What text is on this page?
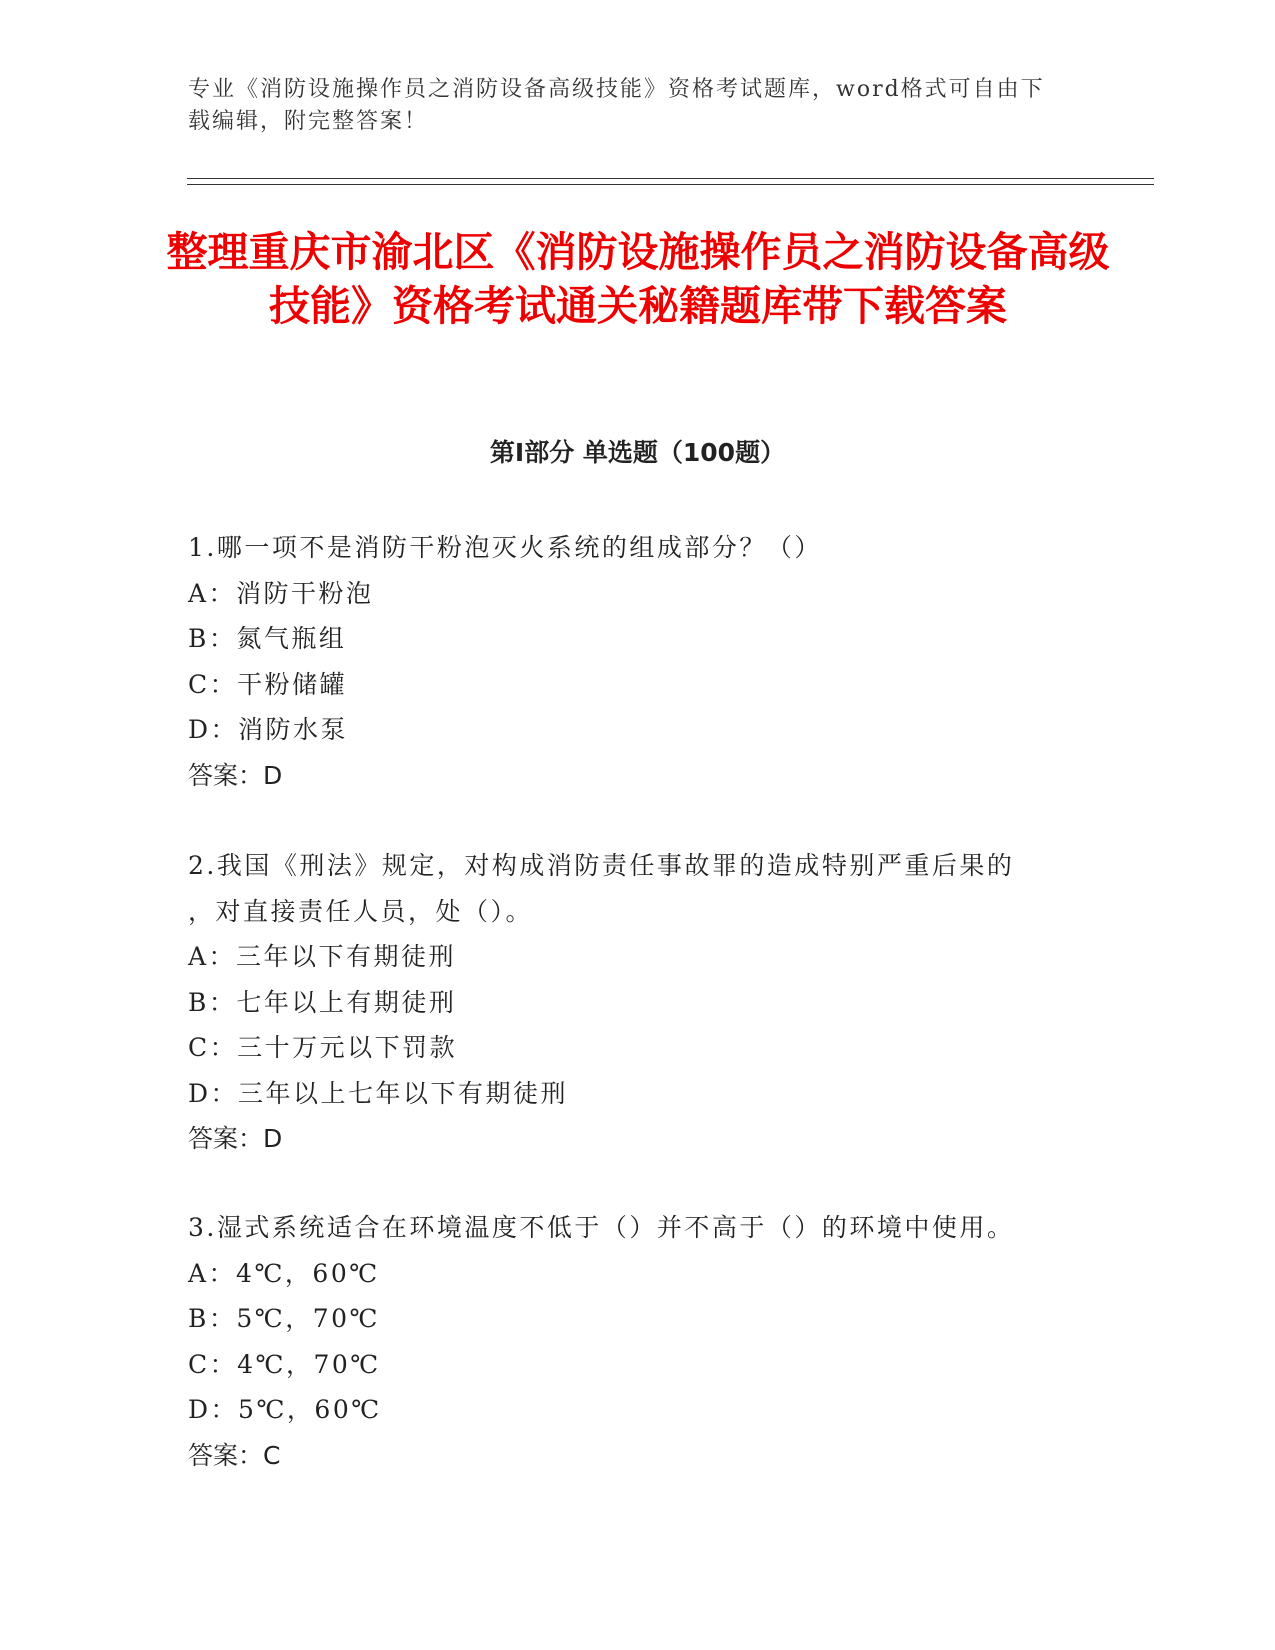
专业《消防设施操作员之消防设备高级技能》资格考试题库，word格式可自由下载编辑，附完整答案！
整理重庆市渝北区《消防设施操作员之消防设备高级技能》资格考试通关秘籍题库带下载答案
第Ⅰ部分 单选题（100题）
1.哪一项不是消防干粉泡灭火系统的组成部分？（）
A：消防干粉泡
B：氮气瓶组
C：干粉储罐
D：消防水泵
答案：D
2.我国《刑法》规定，对构成消防责任事故罪的造成特别严重后果的
，对直接责任人员，处（）。
A：三年以下有期徒刑
B：七年以上有期徒刑
C：三十万元以下罚款
D：三年以上七年以下有期徒刑
答案：D
3.湿式系统适合在环境温度不低于（）并不高于（）的环境中使用。
A：4℃，60℃
B：5℃，70℃
C：4℃，70℃
D：5℃，60℃
答案：C
